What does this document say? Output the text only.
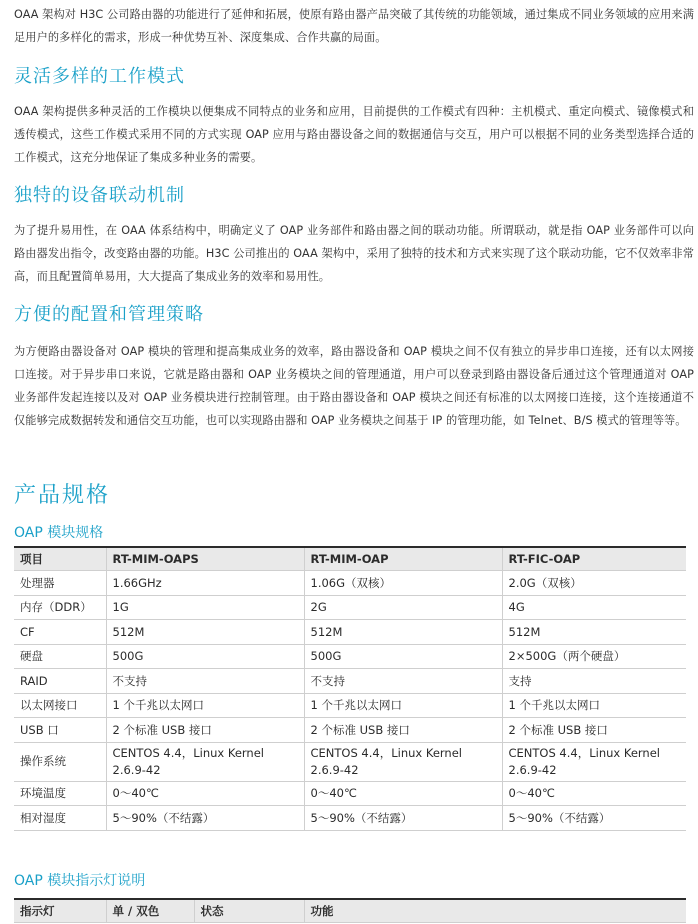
OAA 架构对 H3C 公司路由器的功能进行了延伸和拓展，使原有路由器产品突破了其传统的功能领域，通过集成不同业务领域的应用来满足用户的多样化的需求，形成一种优势互补、深度集成、合作共赢的局面。

灵活多样的工作模式

OAA 架构提供多种灵活的工作模块以便集成不同特点的业务和应用，目前提供的工作模式有四种：主机模式、重定向模式、镜像模式和透传模式，这些工作模式采用不同的方式实现 OAP 应用与路由器设备之间的数据通信与交互，用户可以根据不同的业务类型选择合适的工作模式，这充分地保证了集成多种业务的需要。

独特的设备联动机制

为了提升易用性，在 OAA 体系结构中，明确定义了 OAP 业务部件和路由器之间的联动功能。所谓联动，就是指 OAP 业务部件可以向路由器发出指令，改变路由器的功能。H3C 公司推出的 OAA 架构中，采用了独特的技术和方式来实现了这个联动功能，它不仅效率非常高，而且配置简单易用，大大提高了集成业务的效率和易用性。

方便的配置和管理策略

为方便路由器设备对 OAP 模块的管理和提高集成业务的效率，路由器设备和 OAP 模块之间不仅有独立的异步串口连接，还有以太网接口连接。对于异步串口来说，它就是路由器和 OAP 业务模块之间的管理通道，用户可以登录到路由器设备后通过这个管理通道对 OAP 业务部件发起连接以及对 OAP 业务模块进行控制管理。由于路由器设备和 OAP 模块之间还有标准的以太网接口连接，这个连接通道不仅能够完成数据转发和通信交互功能，也可以实现路由器和 OAP 业务模块之间基于 IP 的管理功能，如 Telnet、B/S 模式的管理等等。

产品规格
OAP 模块规格
项目	RT-MIM-OAPS	RT-MIM-OAP	RT-FIC-OAP
处理器	1.66GHz	1.06G（双核）	2.0G（双核）
内存（DDR）	1G	2G	4G
CF	512M	512M	512M
硬盘	500G	500G	2×500G（两个硬盘）
RAID	不支持	不支持	支持
以太网接口	1 个千兆以太网口	1 个千兆以太网口	1 个千兆以太网口
USB 口	2 个标准 USB 接口	2 个标准 USB 接口	2 个标准 USB 接口
操作系统	CENTOS 4.4，Linux Kernel 2.6.9-42	CENTOS 4.4，Linux Kernel 2.6.9-42	CENTOS 4.4，Linux Kernel 2.6.9-42
环境温度	0～40℃	0～40℃	0～40℃
相对湿度	5～90%（不结露）	5～90%（不结露）	5～90%（不结露）
OAP 模块指示灯说明
指示灯	单 / 双色	状态	功能
